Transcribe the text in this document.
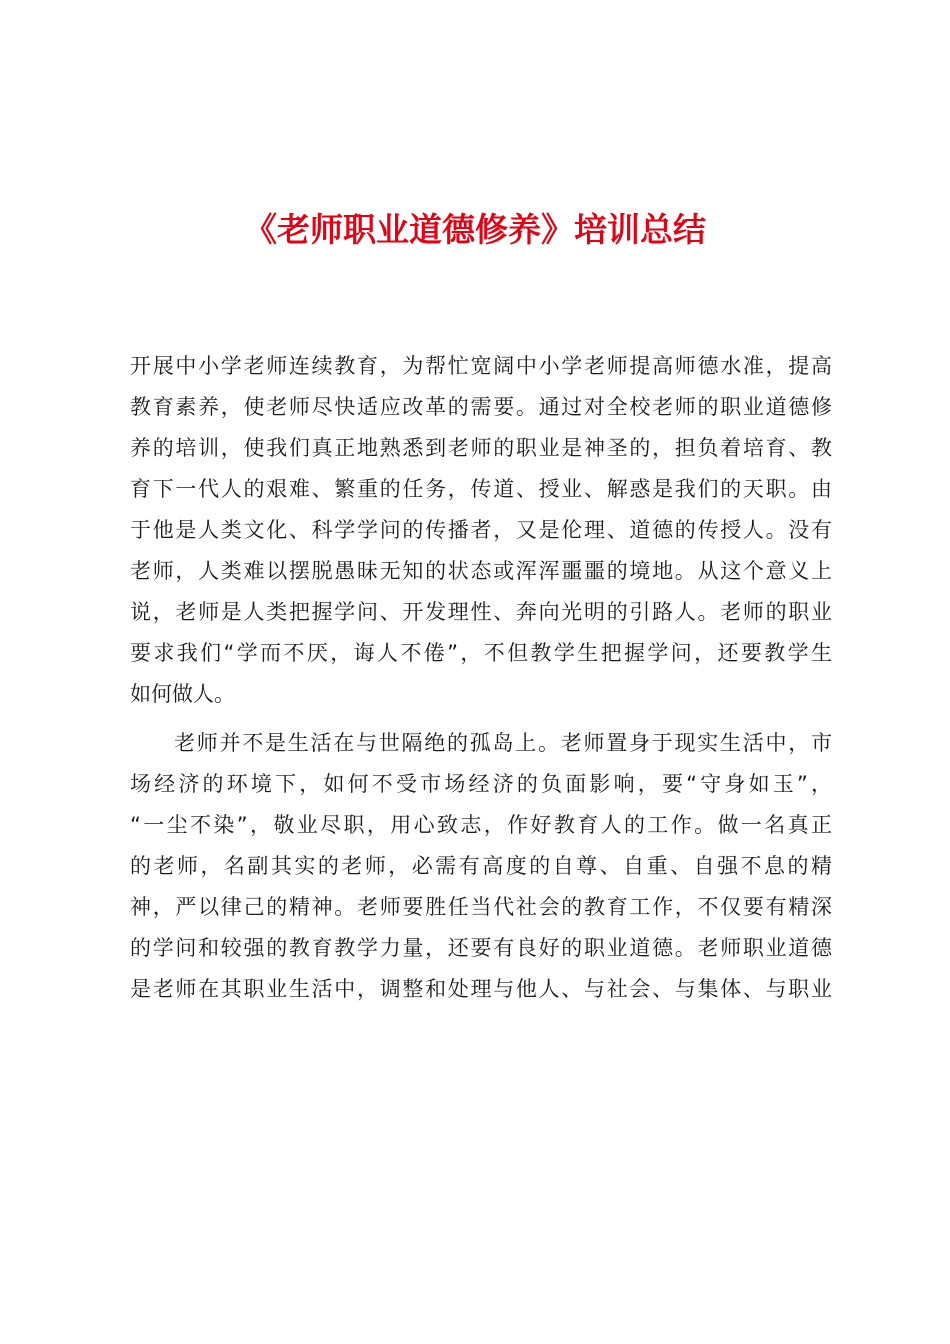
《老师职业道德修养》培训总结
开展中小学老师连续教育，为帮忙宽阔中小学老师提高师德水准，提高
教育素养，使老师尽快适应改革的需要。通过对全校老师的职业道德修
养的培训，使我们真正地熟悉到老师的职业是神圣的，担负着培育、教
育下一代人的艰难、繁重的任务，传道、授业、解惑是我们的天职。由
于他是人类文化、科学学问的传播者，又是伦理、道德的传授人。没有
老师，人类难以摆脱愚昧无知的状态或浑浑噩噩的境地。从这个意义上
说，老师是人类把握学问、开发理性、奔向光明的引路人。老师的职业
要求我们“学而不厌，诲人不倦”，不但教学生把握学问，还要教学生
如何做人。
老师并不是生活在与世隔绝的孤岛上。老师置身于现实生活中，市
场经济的环境下，如何不受市场经济的负面影响，要“守身如玉”，
“一尘不染”，敬业尽职，用心致志，作好教育人的工作。做一名真正
的老师，名副其实的老师，必需有高度的自尊、自重、自强不息的精
神，严以律己的精神。老师要胜任当代社会的教育工作，不仅要有精深
的学问和较强的教育教学力量，还要有良好的职业道德。老师职业道德
是老师在其职业生活中，调整和处理与他人、与社会、与集体、与职业
